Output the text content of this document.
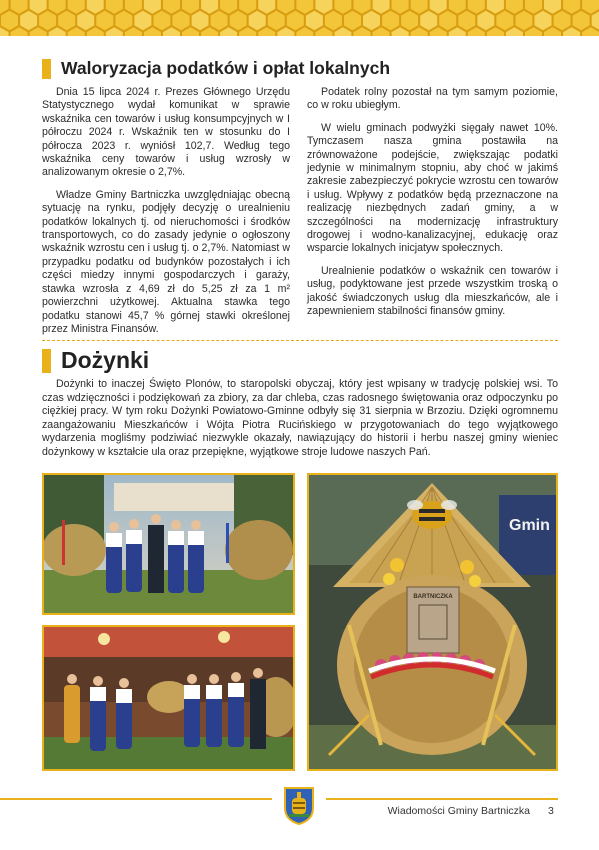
Waloryzacja podatków i opłat lokalnych

Dnia 15 lipca 2024 r. Prezes Głównego Urzędu Statystycznego wydał komunikat w sprawie wskaźnika cen towarów i usług konsumpcyjnych w I półroczu 2024 r. Wskaźnik ten w stosunku do I półrocza 2023 r. wyniósł 102,7. Według tego wskaźnika ceny towarów i usług wzrosły w analizowanym okresie o 2,7%.

Władze Gminy Bartniczka uwzględniając obecną sytuację na rynku, podjęły decyzję o urealnieniu podatków lokalnych tj. od nieruchomości i środków transportowych, co do zasady jedynie o ogłoszony wskaźnik wzrostu cen i usług tj. o 2,7%. Natomiast w przypadku podatku od budynków pozostałych i ich części miedzy innymi gospodarczych i garaży, stawka wzrosła z 4,69 zł do 5,25 zł za 1 m² powierzchni użytkowej. Aktualna stawka tego podatku stanowi 45,7 % górnej stawki określonej przez Ministra Finansów.

Podatek rolny pozostał na tym samym poziomie, co w roku ubiegłym.

W wielu gminach podwyżki sięgały nawet 10%. Tymczasem nasza gmina postawiła na zrównoważone podejście, zwiększając podatki jedynie w minimalnym stopniu, aby choć w jakimś zakresie zabezpieczyć pokrycie wzrostu cen towarów i usług. Wpływy z podatków będą przeznaczone na realizację niezbędnych zadań gminy, a w szczególności na modernizację infrastruktury drogowej i wodno-kanalizacyjnej, edukację oraz wsparcie lokalnych inicjatyw społecznych.

Urealnienie podatków o wskaźnik cen towarów i usług, podyktowane jest przede wszystkim troską o jakość świadczonych usług dla mieszkańców, ale i zapewnieniem stabilności finansów gminy.

Dożynki

Dożynki to inaczej Święto Plonów, to staropolski obyczaj, który jest wpisany w tradycję polskiej wsi. To czas wdzięczności i podziękowań za zbiory, za dar chleba, czas radosnego świętowania oraz odpoczynku po ciężkiej pracy. W tym roku Dożynki Powiatowo-Gminne odbyły się 31 sierpnia w Brzoziu. Dzięki ogromnemu zaangażowaniu Mieszkańców i Wójta Piotra Rucińskiego w przygotowaniach do tego wyjątkowego wydarzenia mogliśmy podziwiać niezwykle okazały, nawiązujący do historii i herbu naszej gminy wieniec dożynkowy w kształcie ula oraz przepiękne, wyjątkowe stroje ludowe naszych Pań.

Gmin
BARTNICZKA
Wiadomości Gminy Bartniczka 3
